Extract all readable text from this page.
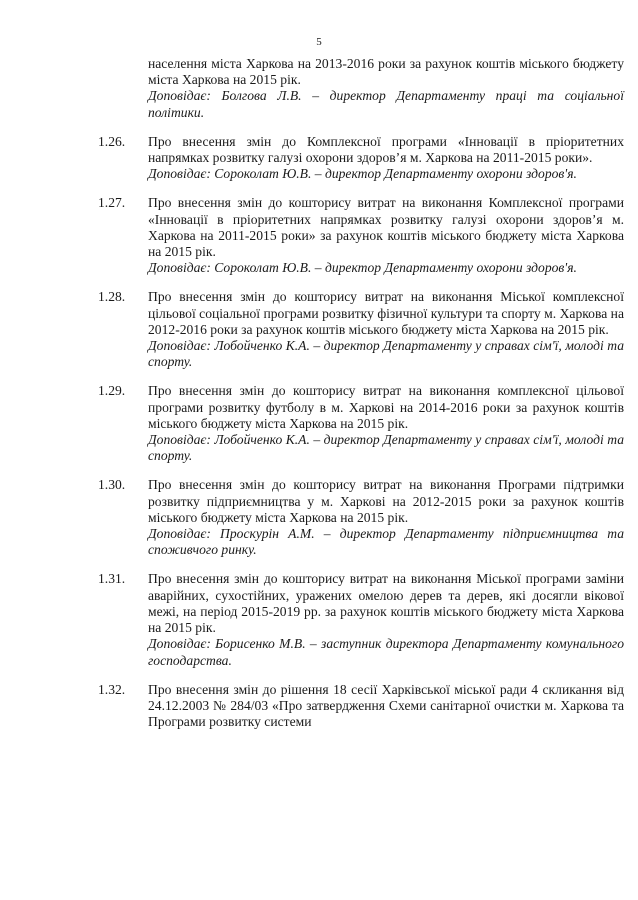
5

населення міста Харкова на 2013-2016 роки за рахунок коштів міського бюджету міста Харкова на 2015 рік.

Доповідає: Болгова Л.В. – директор Департаменту праці та соціальної політики.

1.26.	Про внесення змін до Комплексної програми «Інновації в пріоритетних напрямках розвитку галузі охорони здоров’я м. Харкова на 2011-2015 роки».

Доповідає: Сороколат Ю.В. – директор Департаменту охорони здоров'я.

1.27.	Про внесення змін до кошторису витрат на виконання Комплексної програми «Інновації в пріоритетних напрямках розвитку галузі охорони здоров’я м. Харкова на 2011-2015 роки» за рахунок коштів міського бюджету міста Харкова на 2015 рік.

Доповідає: Сороколат Ю.В. – директор Департаменту охорони здоров'я.

1.28.	Про внесення змін до кошторису витрат на виконання Міської комплексної цільової соціальної програми розвитку фізичної культури та спорту м. Харкова на 2012-2016 роки за рахунок коштів міського бюджету міста Харкова на 2015 рік.

Доповідає: Лобойченко К.А. – директор Департаменту у справах сім'ї, молоді та спорту.

1.29.	Про внесення змін до кошторису витрат на виконання комплексної цільової програми розвитку футболу в м. Харкові на 2014-2016 роки за рахунок коштів міського бюджету міста Харкова на 2015 рік.

Доповідає: Лобойченко К.А. – директор Департаменту у справах сім'ї, молоді та спорту.

1.30.	Про внесення змін до кошторису витрат на виконання Програми підтримки розвитку підприємництва у м. Харкові на 2012-2015 роки за рахунок коштів міського бюджету міста Харкова на 2015 рік.

Доповідає: Проскурін А.М. – директор Департаменту підприємництва та споживчого ринку.

1.31.	Про внесення змін до кошторису витрат на виконання Міської програми заміни аварійних, сухостійних, уражених омелою дерев та дерев, які досягли вікової межі, на період 2015-2019 рр. за рахунок коштів міського бюджету міста Харкова на 2015 рік.

Доповідає: Борисенко М.В. – заступник директора Департаменту комунального господарства.

1.32.	Про внесення змін до рішення 18 сесії Харківської міської ради 4 скликання від 24.12.2003 № 284/03 «Про затвердження Схеми санітарної очистки м. Харкова та Програми розвитку системи
